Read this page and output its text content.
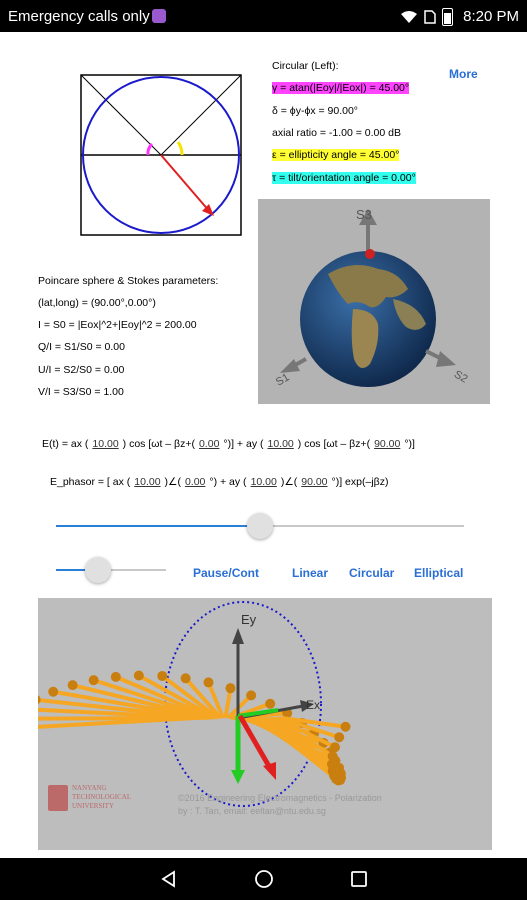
Emergency calls only	8:20 PM
Circular (Left):
γ = atan(|Eoy|/|Eox|) = 45.00°
δ = ϕy-ϕx = 90.00°
axial ratio = -1.00 = 0.00 dB
ε = ellipticity angle = 45.00°
τ = tilt/orientation angle = 0.00°
More
Poincare sphere & Stokes parameters:
(lat,long) = (90.00°,0.00°)
I = S0 = |Eox|^2+|Eoy|^2 = 200.00
Q/I = S1/S0 = 0.00
U/I = S2/S0 = 0.00
V/I = S3/S0 = 1.00
S3
S1	S2
E(t) = ax ( 10.00 ) cos [ωt – βz+( 0.00 °)] + ay ( 10.00 ) cos [ωt – βz+( 90.00 °)]
E_phasor = [ ax ( 10.00 )∠( 0.00 °) + ay ( 10.00 )∠( 90.00 °)] exp(–jβz)
Pause/Cont	Linear Circular Elliptical
Ey
Ex
NANYANG
TECHNOLOGICAL
UNIVERSITY
©2016 Engineering Electromagnetics - Polarization
by : T. Tan, email: eeltan@ntu.edu.sg
